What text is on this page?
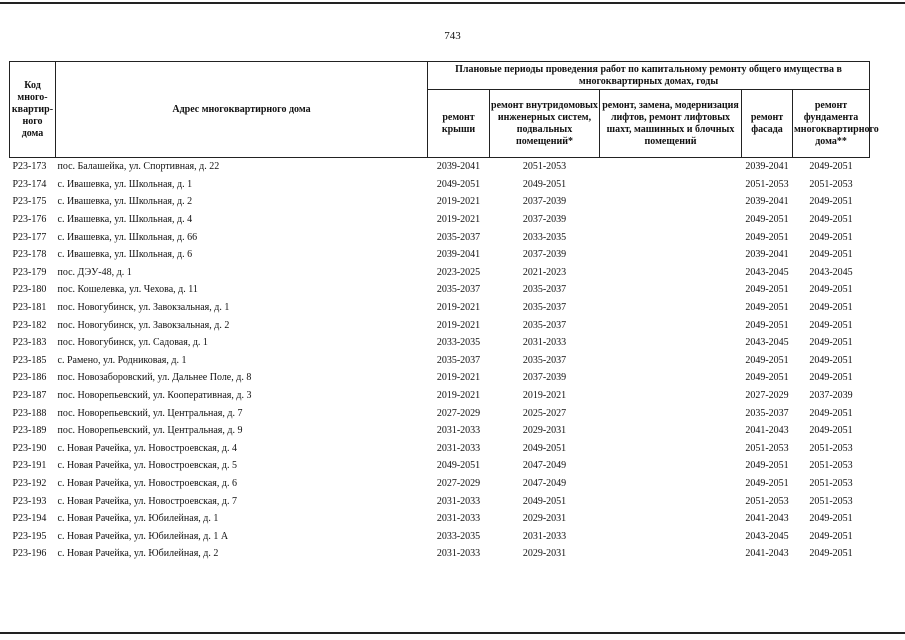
743
Код много-квартир-ного дома	Адрес многоквартирного дома	Плановые периоды проведения работ по капитальному ремонту общего имущества в многоквартирных домах, годы				
		ремонт крыши	ремонт внутридомовых инженерных систем, подвальных помещений*	ремонт, замена, модернизация лифтов, ремонт лифтовых шахт, машинных и блочных помещений	ремонт фасада	ремонт фундамента многоквартирного дома**
P23-173	пос. Балашейка, ул. Спортивная, д. 22	2039-2041	2051-2053		2039-2041	2049-2051
P23-174	с. Ивашевка, ул. Школьная, д. 1	2049-2051	2049-2051		2051-2053	2051-2053
P23-175	с. Ивашевка, ул. Школьная, д. 2	2019-2021	2037-2039		2039-2041	2049-2051
P23-176	с. Ивашевка, ул. Школьная, д. 4	2019-2021	2037-2039		2049-2051	2049-2051
P23-177	с. Ивашевка, ул. Школьная, д. 66	2035-2037	2033-2035		2049-2051	2049-2051
P23-178	с. Ивашевка, ул. Школьная, д. 6	2039-2041	2037-2039		2039-2041	2049-2051
P23-179	пос. ДЭУ-48, д. 1	2023-2025	2021-2023		2043-2045	2043-2045
P23-180	пос. Кошелевка, ул. Чехова, д. 11	2035-2037	2035-2037		2049-2051	2049-2051
P23-181	пос. Новогубинск, ул. Завокзальная, д. 1	2019-2021	2035-2037		2049-2051	2049-2051
P23-182	пос. Новогубинск, ул. Завокзальная, д. 2	2019-2021	2035-2037		2049-2051	2049-2051
P23-183	пос. Новогубинск, ул. Садовая, д. 1	2033-2035	2031-2033		2043-2045	2049-2051
P23-185	с. Рамено, ул. Родниковая, д. 1	2035-2037	2035-2037		2049-2051	2049-2051
P23-186	пос. Новозаборовский, ул. Дальнее Поле, д. 8	2019-2021	2037-2039		2049-2051	2049-2051
P23-187	пос. Новорепьевский, ул. Кооперативная, д. 3	2019-2021	2019-2021		2027-2029	2037-2039
P23-188	пос. Новорепьевский, ул. Центральная, д. 7	2027-2029	2025-2027		2035-2037	2049-2051
P23-189	пос. Новорепьевский, ул. Центральная, д. 9	2031-2033	2029-2031		2041-2043	2049-2051
P23-190	с. Новая Рачейка, ул. Новостроевская, д. 4	2031-2033	2049-2051		2051-2053	2051-2053
P23-191	с. Новая Рачейка, ул. Новостроевская, д. 5	2049-2051	2047-2049		2049-2051	2051-2053
P23-192	с. Новая Рачейка, ул. Новостроевская, д. 6	2027-2029	2047-2049		2049-2051	2051-2053
P23-193	с. Новая Рачейка, ул. Новостроевская, д. 7	2031-2033	2049-2051		2051-2053	2051-2053
P23-194	с. Новая Рачейка, ул. Юбилейная, д. 1	2031-2033	2029-2031		2041-2043	2049-2051
P23-195	с. Новая Рачейка, ул. Юбилейная, д. 1 А	2033-2035	2031-2033		2043-2045	2049-2051
P23-196	с. Новая Рачейка, ул. Юбилейная, д. 2	2031-2033	2029-2031		2041-2043	2049-2051
